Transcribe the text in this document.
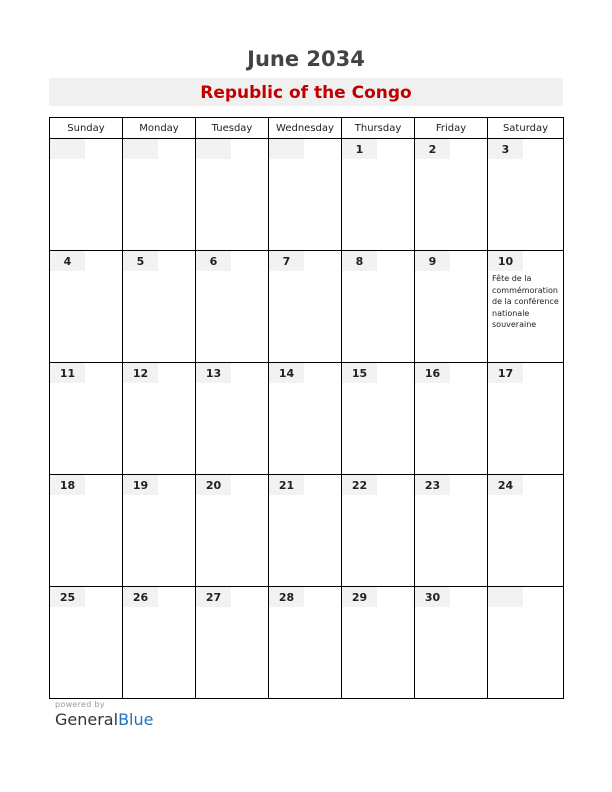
June 2034
Republic of the Congo
Sunday	Monday	Tuesday	Wednesday	Thursday	Friday	Saturday

				1	2	3

4	5	6	7	8	9	10
Fête de la commémoration de la conférence nationale souveraine

11	12	13	14	15	16	17

18	19	20	21	22	23	24

25	26	27	28	29	30	

powered by
GeneralBlue
